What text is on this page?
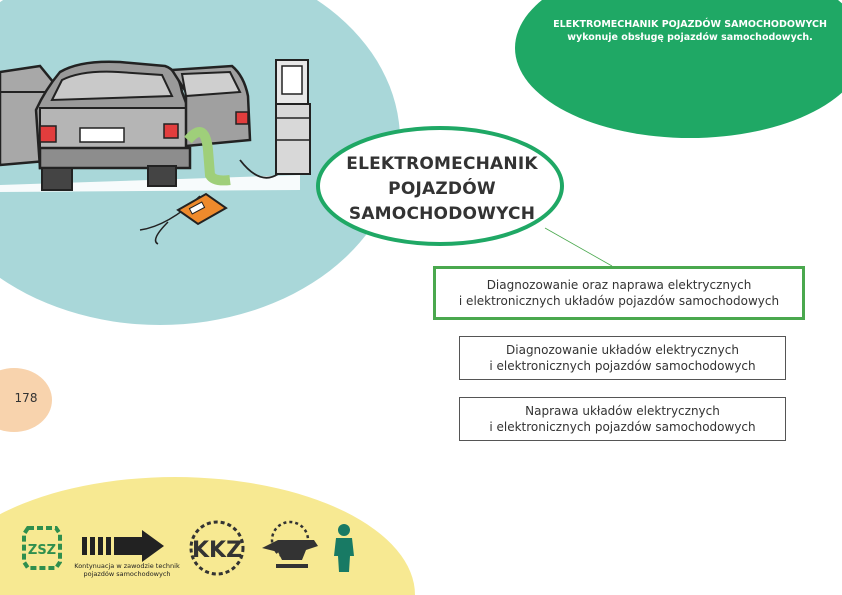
ZSZ	KKZ
ELEKTROMECHANIK POJAZDÓW SAMOCHODOWYCH
wykonuje obsługę pojazdów samochodowych.
ELEKTROMECHANIK
POJAZDÓW
SAMOCHODOWYCH
Diagnozowanie oraz naprawa elektrycznych
i elektronicznych układów pojazdów samochodowych
Diagnozowanie układów elektrycznych
i elektronicznych pojazdów samochodowych
Naprawa układów elektrycznych
i elektronicznych pojazdów samochodowych
178
Kontynuacja w zawodzie technik
pojazdów samochodowych
